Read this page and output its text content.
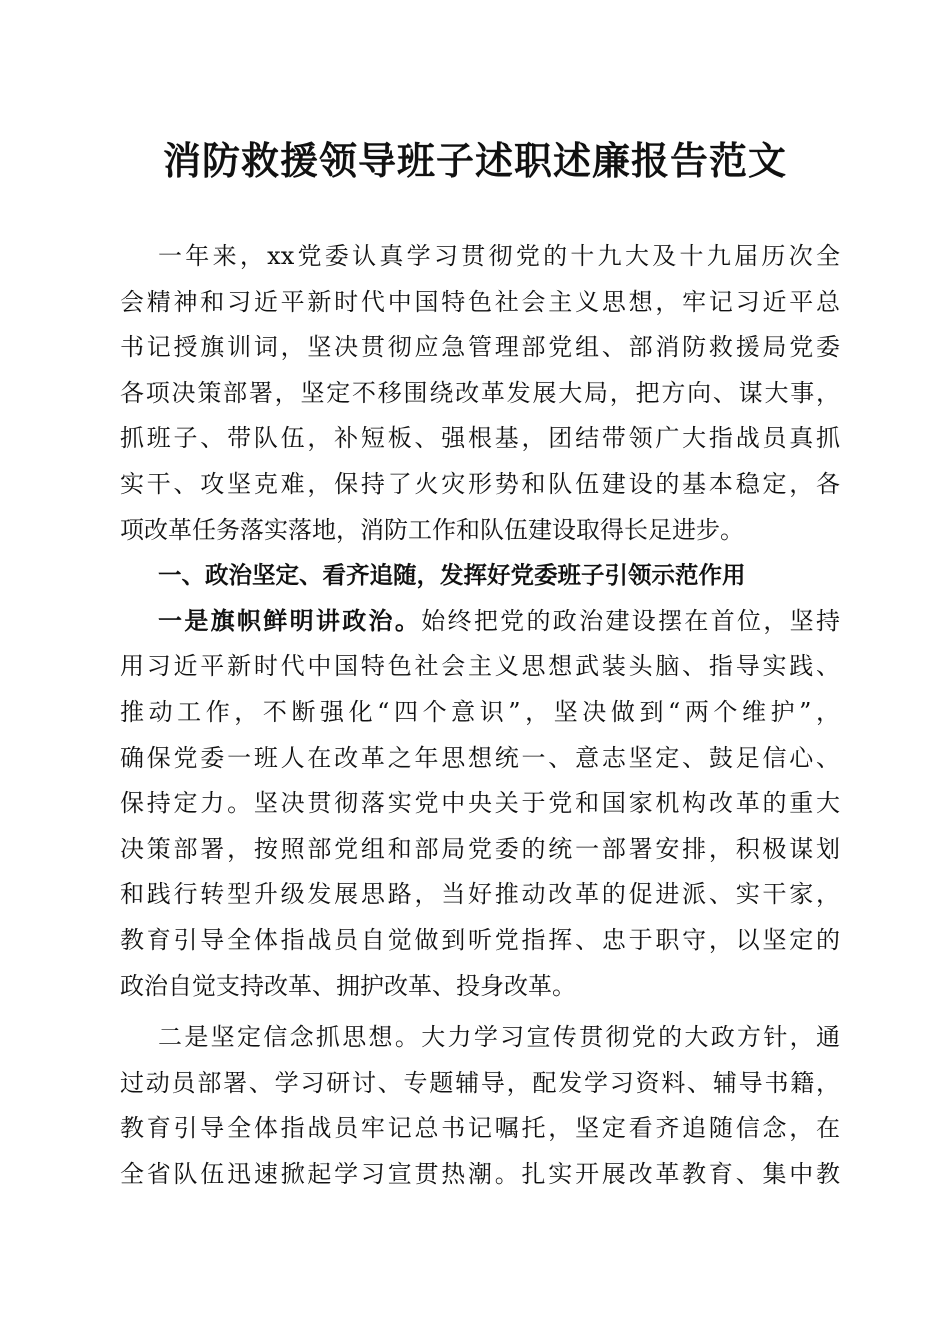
消防救援领导班子述职述廉报告范文
一年来，xx党委认真学习贯彻党的十九大及十九届历次全
会精神和习近平新时代中国特色社会主义思想，牢记习近平总
书记授旗训词，坚决贯彻应急管理部党组、部消防救援局党委
各项决策部署，坚定不移围绕改革发展大局，把方向、谋大事，
抓班子、带队伍，补短板、强根基，团结带领广大指战员真抓
实干、攻坚克难，保持了火灾形势和队伍建设的基本稳定，各
项改革任务落实落地，消防工作和队伍建设取得长足进步。
一、政治坚定、看齐追随，发挥好党委班子引领示范作用
一是旗帜鲜明讲政治。始终把党的政治建设摆在首位，坚持
用习近平新时代中国特色社会主义思想武装头脑、指导实践、
推动工作，不断强化“四个意识”，坚决做到“两个维护”，
确保党委一班人在改革之年思想统一、意志坚定、鼓足信心、
保持定力。坚决贯彻落实党中央关于党和国家机构改革的重大
决策部署，按照部党组和部局党委的统一部署安排，积极谋划
和践行转型升级发展思路，当好推动改革的促进派、实干家，
教育引导全体指战员自觉做到听党指挥、忠于职守，以坚定的
政治自觉支持改革、拥护改革、投身改革。
二是坚定信念抓思想。大力学习宣传贯彻党的大政方针，通
过动员部署、学习研讨、专题辅导，配发学习资料、辅导书籍，
教育引导全体指战员牢记总书记嘱托，坚定看齐追随信念，在
全省队伍迅速掀起学习宣贯热潮。扎实开展改革教育、集中教
